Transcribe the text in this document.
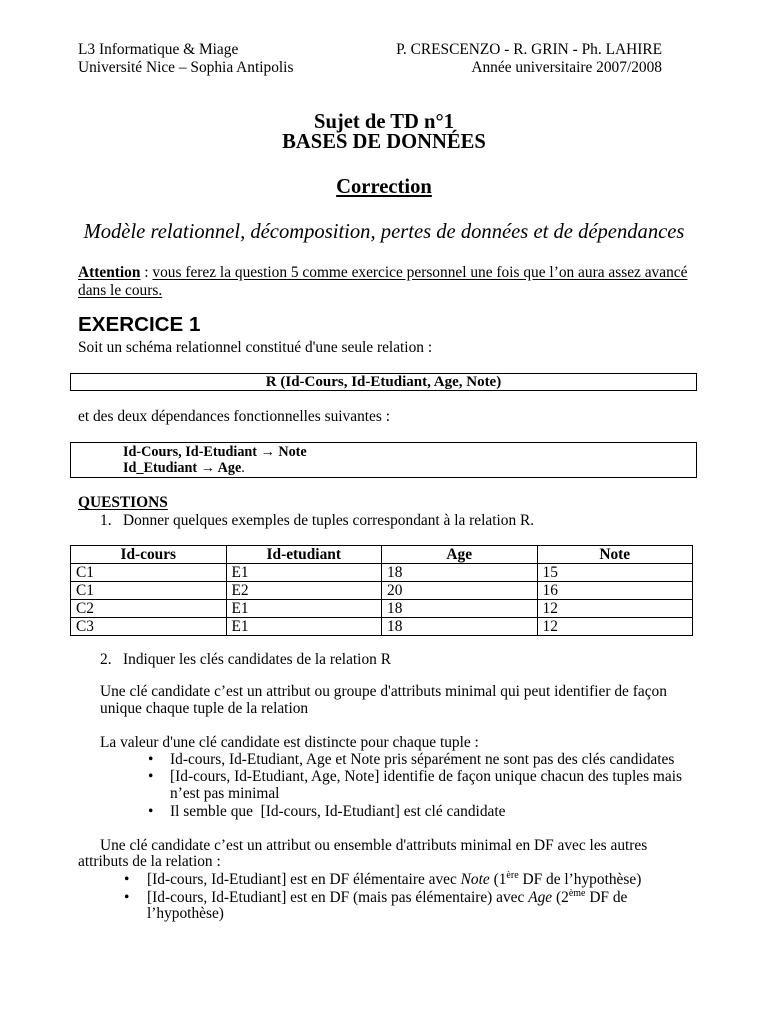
L3 Informatique & Miage
Université Nice – Sophia Antipolis
P. CRESCENZO - R. GRIN - Ph. LAHIRE
Année universitaire 2007/2008
Sujet de TD n°1
BASES DE DONNÉES
Correction
Modèle relationnel, décomposition, pertes de données et de dépendances
Attention : vous ferez la question 5 comme exercice personnel une fois que l’on aura assez avancé
dans le cours.
EXERCICE 1
Soit un schéma relationnel constitué d'une seule relation :
R (Id-Cours, Id-Etudiant, Age, Note)
et des deux dépendances fonctionnelles suivantes :
Id-Cours, Id-Etudiant → Note
Id_Etudiant → Age.
QUESTIONS
1. Donner quelques exemples de tuples correspondant à la relation R.
Id-cours	Id-etudiant	Age	Note
C1	E1	18	15
C1	E2	20	16
C2	E1	18	12
C3	E1	18	12
2. Indiquer les clés candidates de la relation R
Une clé candidate c’est un attribut ou groupe d'attributs minimal qui peut identifier de façon
unique chaque tuple de la relation
La valeur d'une clé candidate est distincte pour chaque tuple :
• Id-cours, Id-Etudiant, Age et Note pris séparément ne sont pas des clés candidates
• [Id-cours, Id-Etudiant, Age, Note] identifie de façon unique chacun des tuples mais
n’est pas minimal
• Il semble que  [Id-cours, Id-Etudiant] est clé candidate
Une clé candidate c’est un attribut ou ensemble d'attributs minimal en DF avec les autres
attributs de la relation :
• [Id-cours, Id-Etudiant] est en DF élémentaire avec Note (1ère DF de l’hypothèse)
• [Id-cours, Id-Etudiant] est en DF (mais pas élémentaire) avec Age (2ème DF de
l’hypothèse)
